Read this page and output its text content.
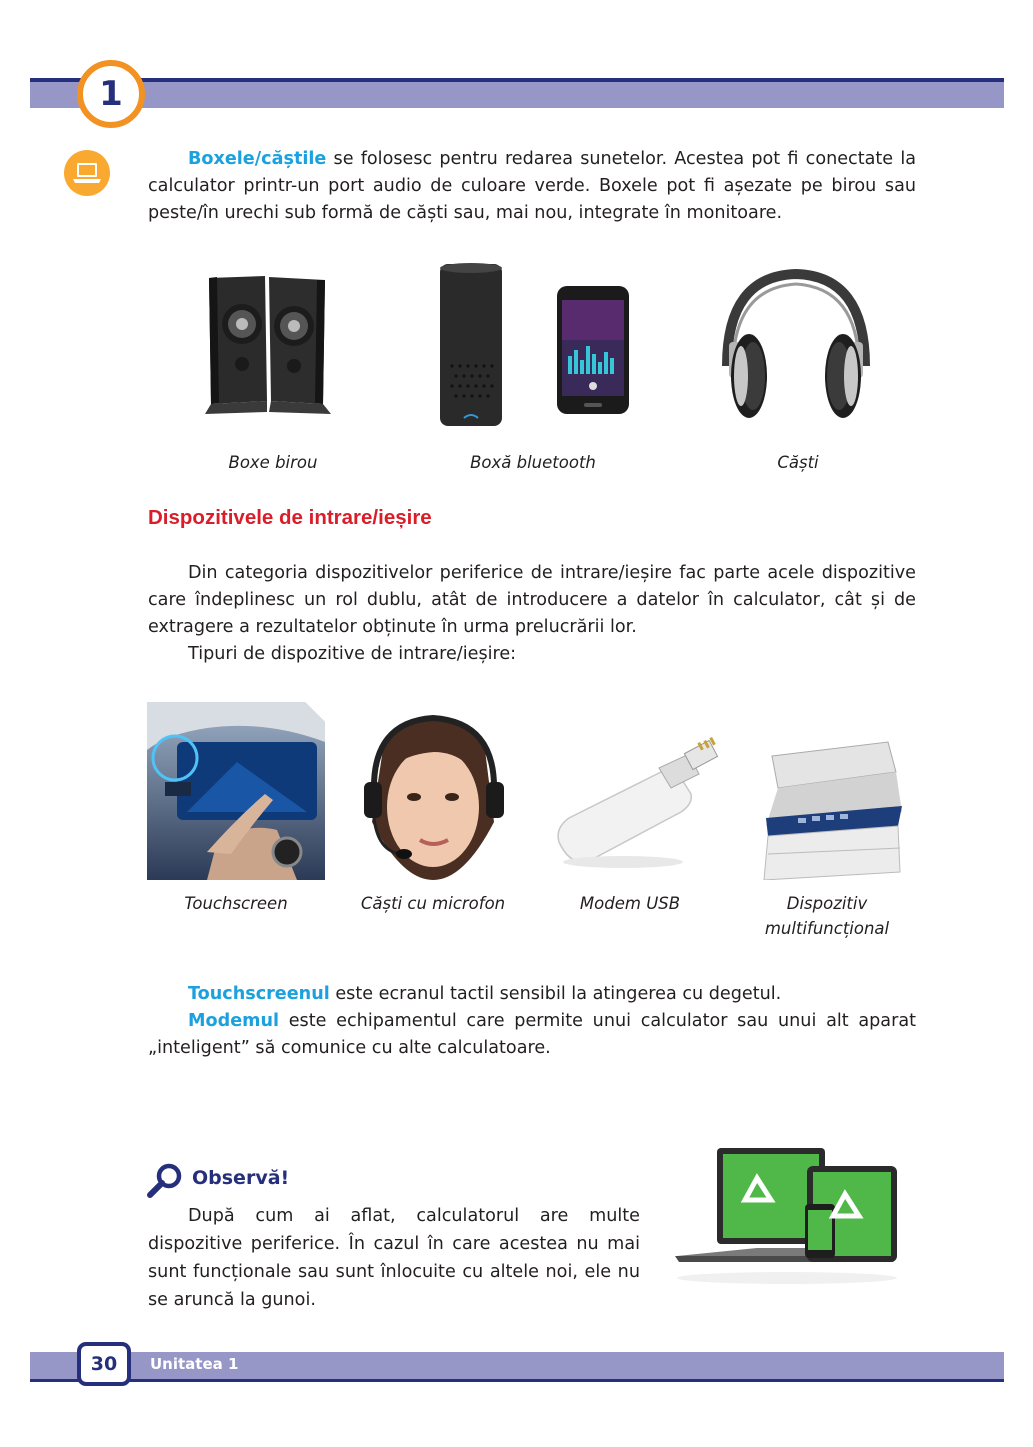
1

Boxele/căștile se folosesc pentru redarea sunetelor. Acestea pot fi conectate la calculator printr-un port audio de culoare verde. Boxele pot fi așezate pe birou sau peste/în urechi sub formă de căști sau, mai nou, integrate în monitoare.

Boxe birou	Boxă bluetooth	Căști
Dispozitivele de intrare/ieșire

Din categoria dispozitivelor periferice de intrare/ieșire fac parte acele dispozitive care îndeplinesc un rol dublu, atât de introducere a datelor în calculator, cât și de extragere a rezultatelor obținute în urma prelucrării lor.

Tipuri de dispozitive de intrare/ieșire:

Touchscreen	Căști cu microfon	Modem USB	Dispozitiv multifuncțional

Touchscreenul este ecranul tactil sensibil la atingerea cu degetul.

Modemul este echipamentul care permite unui calculator sau unui alt aparat „inteligent” să comunice cu alte calculatoare.

Observă!

După cum ai aflat, calculatorul are multe dispozitive periferice. În cazul în care acestea nu mai sunt funcționale sau sunt înlocuite cu altele noi, ele nu se aruncă la gunoi.

30 Unitatea 1
